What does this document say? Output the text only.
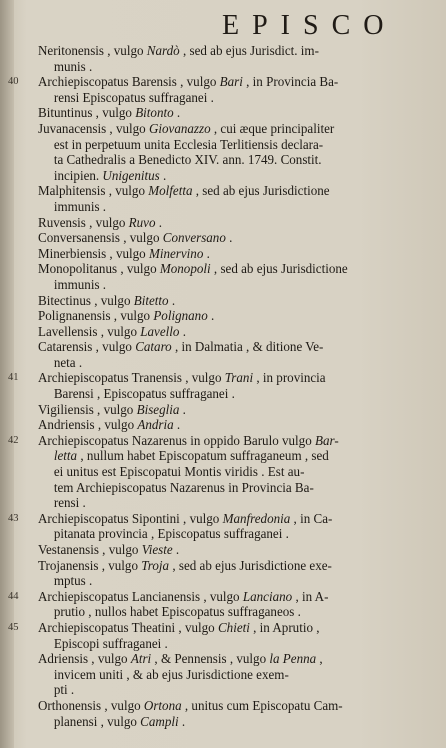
EPISCO
Neritonensis , vulgo Nardò , sed ab ejus Jurisdict. im-
munis .
40	Archiepiscopatus Barensis , vulgo Bari , in Provincia Ba-
rensi Episcopatus suffraganei .
Bituntinus , vulgo Bitonto .
Juvanacensis , vulgo Giovanazzo , cui æque principaliter
est in perpetuum unita Ecclesia Terlitiensis declara-
ta Cathedralis a Benedicto XIV. ann. 1749. Constit.
incipien. Unigenitus .
Malphitensis , vulgo Molfetta , sed ab ejus Jurisdictione
immunis .
Ruvensis , vulgo Ruvo .
Conversanensis , vulgo Conversano .
Minerbiensis , vulgo Minervino .
Monopolitanus , vulgo Monopoli , sed ab ejus Jurisdictione
immunis .
Bitectinus , vulgo Bitetto .
Polignanensis , vulgo Polignano .
Lavellensis , vulgo Lavello .
Catarensis , vulgo Cataro , in Dalmatia , & ditione Ve-
neta .
41	Archiepiscopatus Tranensis , vulgo Trani , in provincia
Barensi , Episcopatus suffraganei .
Vigiliensis , vulgo Biseglia .
Andriensis , vulgo Andria .
42	Archiepiscopatus Nazarenus in oppido Barulo vulgo Bar-
letta , nullum habet Episcopatum suffraganeum , sed
ei unitus est Episcopatui Montis viridis . Est au-
tem Archiepiscopatus Nazarenus in Provincia Ba-
rensi .
43	Archiepiscopatus Sipontini , vulgo Manfredonia , in Ca-
pitanata provincia , Episcopatus suffraganei .
Vestanensis , vulgo Vieste .
Trojanensis , vulgo Troja , sed ab ejus Jurisdictione exe-
mptus .
44	Archiepiscopatus Lancianensis , vulgo Lanciano , in A-
prutio , nullos habet Episcopatus suffraganeos .
45	Archiepiscopatus Theatini , vulgo Chieti , in Aprutio ,
Episcopi suffraganei .
Adriensis , vulgo Atri , & Pennensis , vulgo la Penna ,
invicem uniti , & ab ejus Jurisdictione exem-
pti .
Orthonensis , vulgo Ortona , unitus cum Episcopatu Cam-
planensi , vulgo Campli .
